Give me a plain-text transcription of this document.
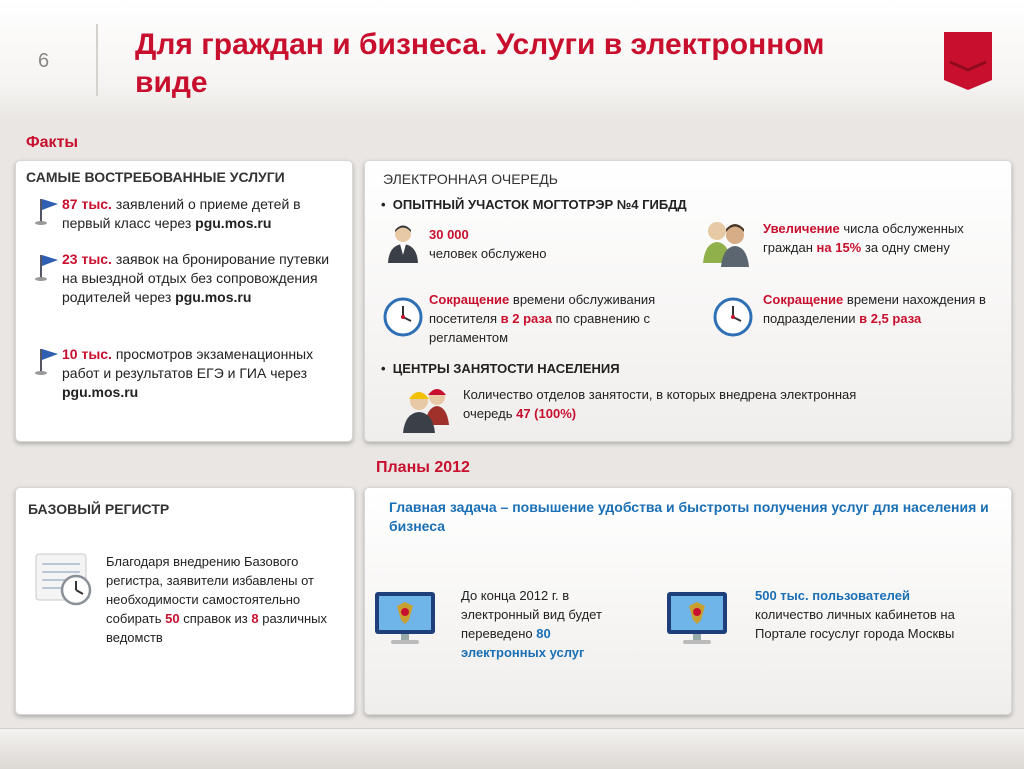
6	Для граждан и бизнеса. Услуги в электронном виде
Факты
САМЫЕ ВОСТРЕБОВАННЫЕ УСЛУГИ
87 тыс. заявлений о приеме детей в первый класс через pgu.mos.ru
23 тыс. заявок на бронирование путевки на выездной отдых без сопровождения родителей через pgu.mos.ru
10 тыс. просмотров экзаменационных работ и результатов ЕГЭ и ГИА через pgu.mos.ru
ЭЛЕКТРОННАЯ ОЧЕРЕДЬ
•  ОПЫТНЫЙ УЧАСТОК МОГТОТРЭР №4 ГИБДД
30 000
человек обслужено
Увеличение числа обслуженных граждан на 15% за одну смену
Сокращение времени обслуживания посетителя в 2 раза по сравнению с регламентом
Сокращение времени нахождения в подразделении в 2,5 раза
•  ЦЕНТРЫ ЗАНЯТОСТИ НАСЕЛЕНИЯ
Количество отделов занятости, в которых внедрена электронная очередь 47 (100%)
Планы 2012
БАЗОВЫЙ РЕГИСТР
Благодаря внедрению Базового регистра, заявители избавлены от необходимости самостоятельно собирать 50 справок из 8 различных ведомств
Главная задача – повышение удобства и быстроты получения услуг для населения и бизнеса
До конца 2012 г. в электронный вид будет переведено 80 электронных услуг
500 тыс. пользователей
количество личных кабинетов на Портале госуслуг города Москвы
